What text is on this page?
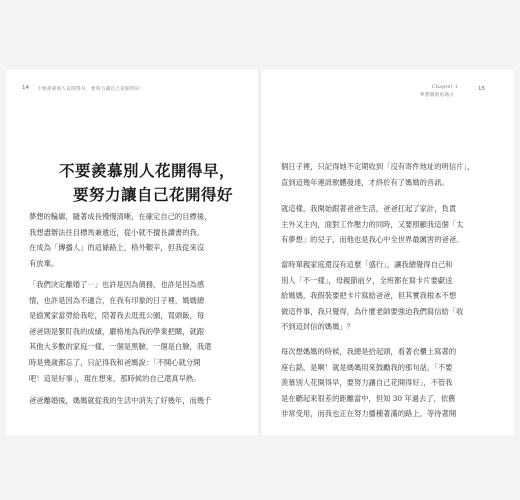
14 不要羨慕別人花開得早，要努力讓自己花開得好！	Chapter 1
夢想開始的地方
15
不要羨慕別人花開得早，
要努力讓自己花開得好
夢想的輪廓，隨著成長慢慢清晰，在確定自己的目標後，
我想盡辦法往目標馬兼遞近，從小就不擅長讀書的我，
在成為「傳播人」的這條路上，格外艱辛，但我從來沒
有放棄。
「我們決定離婚了⋯」也許是因為債務，也許是因為感
情，也許是因為不適合，在我有印象的日子裡，媽媽總
是偷罵家當勞給我吃，陪著我去逛逛公園，買頭飯，每
爸爸則是緊盯我的成績，嚴格地為我的學業把關，就跟
其他大多數的家庭一樣，一個是黑臉，一個是白臉，我還
時是幾歲都忘了，只記得我和爸媽說：「不開心就分開
吧！這是好事」，現在想來，那時候的自己還真早熟。
爸爸離婚後，媽媽就從我的生活中消失了好幾年，而幾千
個日子裡，只記得她不定期收到「沒有寄件地址的明信片」，
直到這幾年連訊軟體發達，才終於有了媽媽的音訊。
就這樣，我開始跟著爸爸生活，爸爸扛起了家計，負責
主外又主內，面對工作壓力的同時，又要照顧我這個「太
有夢想」的兒子，而他也是我心中全世界最厲害的爸爸。
當時單親家庭還沒有這麼「盛行」，讓我總覺得自己和
別人「不一樣」，母親節前夕，全班都在寫卡片要獻送
給媽媽，我假裝要把卡片寫給爸爸，但其實我根本不想
做這件事，我只覺得，為什麼老師要強迫我們寫信給「收
不到這封信的媽媽」？
每次想媽媽的時候，我總是拾起頭，看著衣櫃上寫著的
座右銘，是啊！就是媽媽用來鼓勵我的那句話，「不要
羨慕別人花開得早，要努力讓自己花開得好」，不管我
是在聽起來很差的距離當中，但知 30 年過去了，依舊
非常受用，而我也正在努力播種著滿的路上，等待著開
